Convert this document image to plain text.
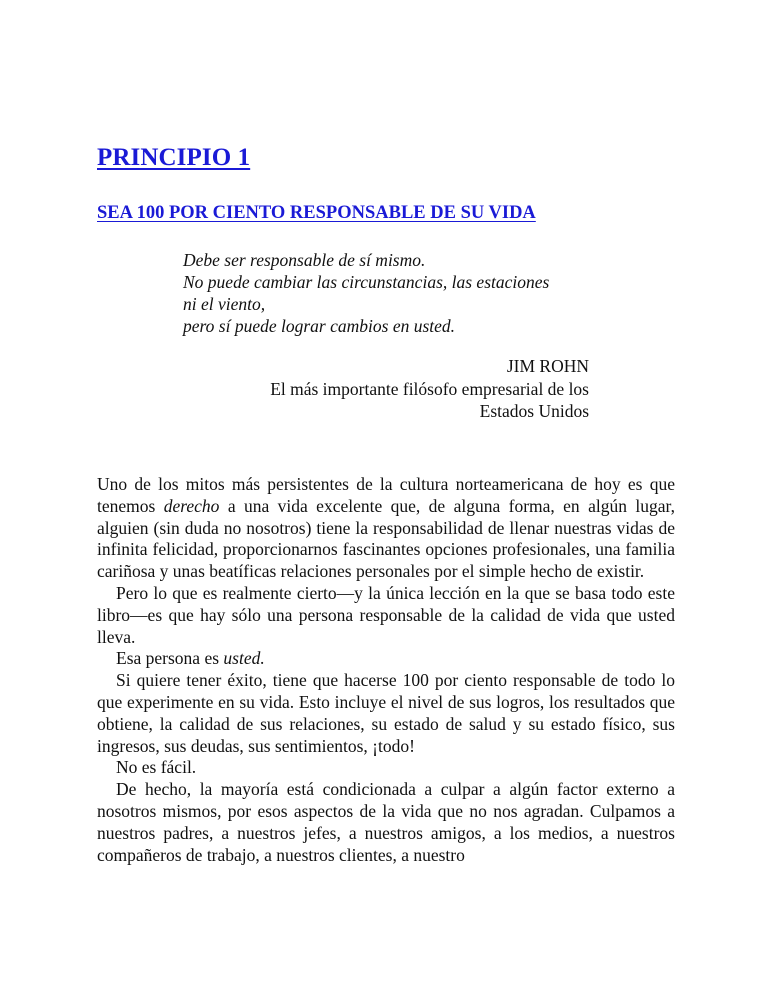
PRINCIPIO 1
SEA 100 POR CIENTO RESPONSABLE DE SU VIDA
Debe ser responsable de sí mismo.
No puede cambiar las circunstancias, las estaciones
ni el viento,
pero sí puede lograr cambios en usted.
JIM ROHN
El más importante filósofo empresarial de los
Estados Unidos

Uno de los mitos más persistentes de la cultura norteamericana de hoy es que tenemos derecho a una vida excelente que, de alguna forma, en algún lugar, alguien (sin duda no nosotros) tiene la responsabilidad de llenar nuestras vidas de infinita felicidad, proporcionarnos fascinantes opciones profesionales, una familia cariñosa y unas beatíficas relaciones personales por el simple hecho de existir.

Pero lo que es realmente cierto—y la única lección en la que se basa todo este libro—es que hay sólo una persona responsable de la calidad de vida que usted lleva.

Esa persona es usted.

Si quiere tener éxito, tiene que hacerse 100 por ciento responsable de todo lo que experimente en su vida. Esto incluye el nivel de sus logros, los resultados que obtiene, la calidad de sus relaciones, su estado de salud y su estado físico, sus ingresos, sus deudas, sus sentimientos, ¡todo!

No es fácil.

De hecho, la mayoría está condicionada a culpar a algún factor externo a nosotros mismos, por esos aspectos de la vida que no nos agradan. Culpamos a nuestros padres, a nuestros jefes, a nuestros amigos, a los medios, a nuestros compañeros de trabajo, a nuestros clientes, a nuestro
